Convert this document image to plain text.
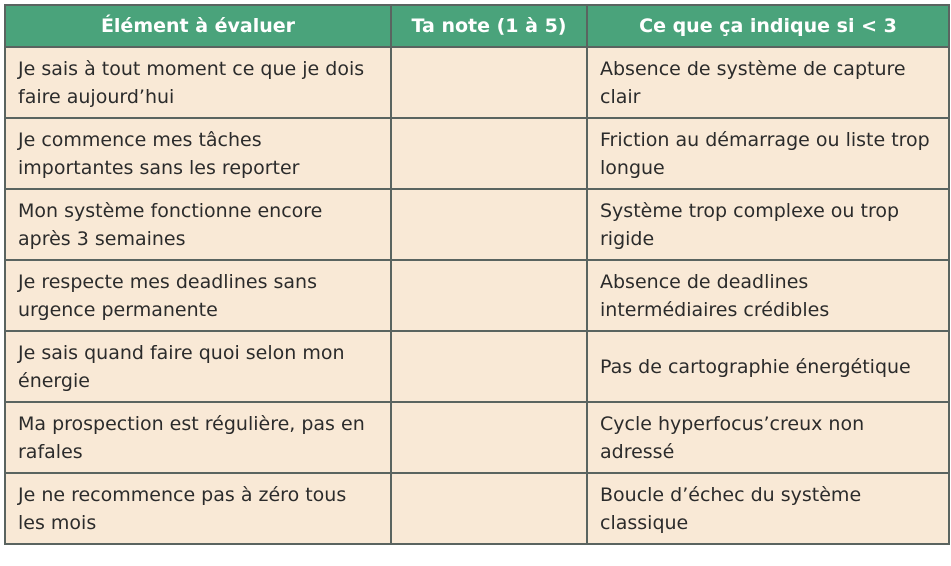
Élément à évaluer	Ta note (1 à 5)	Ce que ça indique si < 3
Je sais à tout moment ce que je dois faire aujourd’hui		Absence de système de capture clair
Je commence mes tâches importantes sans les reporter		Friction au démarrage ou liste trop longue
Mon système fonctionne encore après 3 semaines		Système trop complexe ou trop rigide
Je respecte mes deadlines sans urgence permanente		Absence de deadlines intermédiaires crédibles
Je sais quand faire quoi selon mon énergie		Pas de cartographie énergétique
Ma prospection est régulière, pas en rafales		Cycle hyperfocus’creux non adressé
Je ne recommence pas à zéro tous les mois		Boucle d’échec du système classique
